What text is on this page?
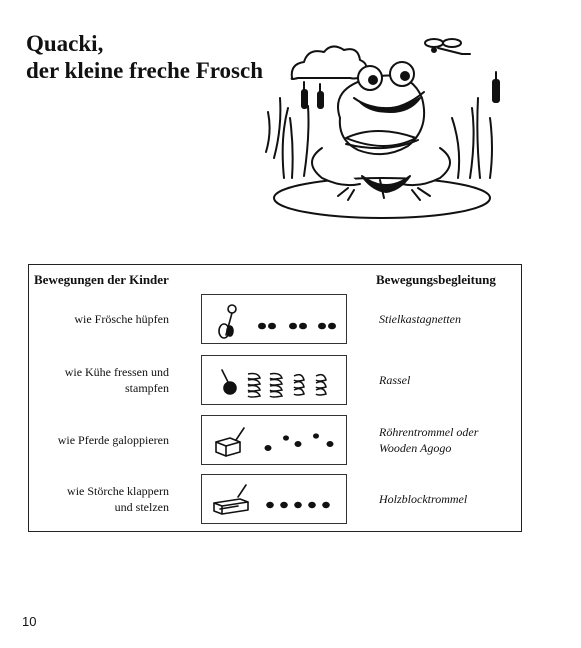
Quacki,
der kleine freche Frosch
Bewegungen der Kinder	Bewegungsbegleitung
wie Frösche hüpfen	Stielkastagnetten
wie Kühe fressen und
stampfen
Rassel
wie Pferde galoppieren
Röhrentrommel oder
Wooden Agogo
wie Störche klappern
und stelzen
Holzblocktrommel
10
